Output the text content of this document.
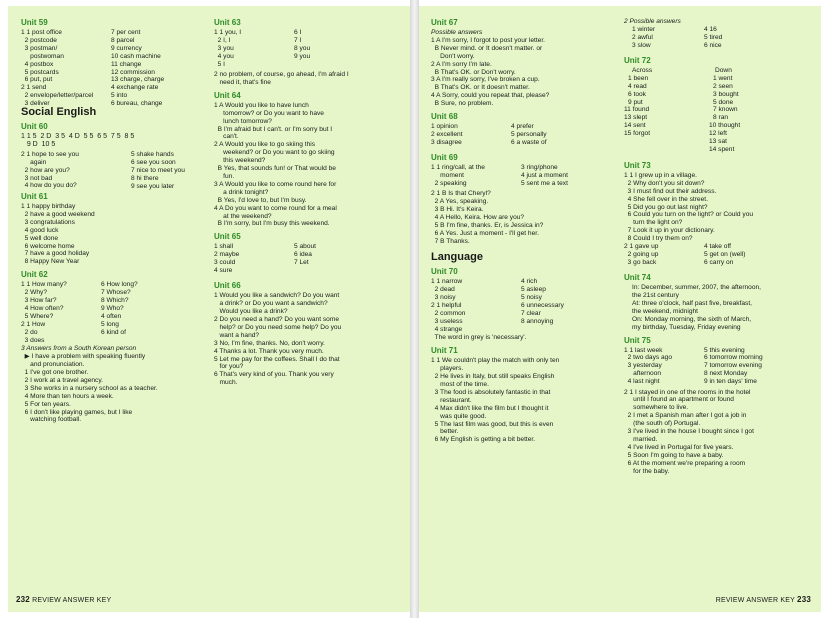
Unit 59
1 1 post office
2 postcode
3 postman/
postwoman
4 postbox
5 postcards
6 put, put
2 1 send
2 envelope/letter/parcel
3 deliver
7 per cent
8 parcel
9 currency
10 cash machine
11 change
12 commission
13 charge, charge
4 exchange rate
5 into
6 bureau, change
Social English
Unit 60
1 1 5  2 D  3 5  4 D  5 5  6 5  7 5  8 5
9 D  10 5
2 1 hope to see you
again
2 how are you?
3 not bad
4 how do you do?
5 shake hands
6 see you soon
7 nice to meet you
8 hi there
9 see you later
Unit 61
1 1 happy birthday
2 have a good weekend
3 congratulations
4 good luck
5 well done
6 welcome home
7 have a good holiday
8 Happy New Year
Unit 62
1 1 How many?
2 Why?
3 How far?
4 How often?
5 Where?
2 1 How
2 do
3 does
6 How long?
7 Whose?
8 Which?
9 Who?
4 often
5 long
6 kind of
3 Answers from a South Korean person
▶ I have a problem with speaking fluently
and pronunciation.
1 I've got one brother.
2 I work at a travel agency.
3 She works in a nursery school as a teacher.
4 More than ten hours a week.
5 For ten years.
6 I don't like playing games, but I like
watching football.
Unit 63
1 1 you, I
2 I, I
3 you
4 you
5 I
6 I
7 I
8 you
9 you
2 no problem, of course, go ahead, I'm afraid I
need it, that's fine
Unit 64
1 A Would you like to have lunch
tomorrow? or Do you want to have
lunch tomorrow?
B I'm afraid but I can't. or I'm sorry but I
can't.
2 A Would you like to go skiing this
weekend? or Do you want to go skiing
this weekend?
B Yes, that sounds fun! or That would be
fun.
3 A Would you like to come round here for
a drink tonight?
B Yes, I'd love to, but I'm busy.
4 A Do you want to come round for a meal
at the weekend?
B I'm sorry, but I'm busy this weekend.
Unit 65
1 shall
2 maybe
3 could
4 sure
5 about
6 idea
7 Let
Unit 66
1 Would you like a sandwich? Do you want
a drink? or Do you want a sandwich?
Would you like a drink?
2 Do you need a hand? Do you want some
help? or Do you need some help? Do you
want a hand?
3 No, I'm fine, thanks. No, don't worry.
4 Thanks a lot. Thank you very much.
5 Let me pay for the coffees. Shall I do that
for you?
6 That's very kind of you. Thank you very
much.
232 REVIEW ANSWER KEY
Unit 67
Possible answers
1 A I'm sorry, I forgot to post your letter.
B Never mind. or It doesn't matter. or
Don't worry.
2 A I'm sorry I'm late.
B That's OK. or Don't worry.
3 A I'm really sorry, I've broken a cup.
B That's OK. or It doesn't matter.
4 A Sorry, could you repeat that, please?
B Sure, no problem.
Unit 68
1 opinion
2 excellent
3 disagree
4 prefer
5 personally
6 a waste of
Unit 69
1 1 ring/call, at the
moment
2 speaking
3 ring/phone
4 just a moment
5 sent me a text
2 1 B Is that Cheryl?
2 A Yes, speaking.
3 B Hi. It's Keira.
4 A Hello, Keira. How are you?
5 B I'm fine, thanks. Er, is Jessica in?
6 A Yes. Just a moment - I'll get her.
7 B Thanks.
Language
Unit 70
1 1 narrow
2 dead
3 noisy
2 1 helpful
2 common
3 useless
4 strange
4 rich
5 asleep
5 noisy
6 unnecessary
7 clear
8 annoying
The word in grey is 'necessary'.
Unit 71
1 1 We couldn't play the match with only ten
players.
2 He lives in Italy, but still speaks English
most of the time.
3 The food is absolutely fantastic in that
restaurant.
4 Max didn't like the film but I thought it
was quite good.
5 The last film was good, but this is even
better.
6 My English is getting a bit better.
2 Possible answers
1 winter
2 awful
3 slow
4 16
5 tired
6 nice
Unit 72
Across
1 been
4 read
6 took
9 put
11 found
13 slept
14 sent
15 forgot
Down
1 went
2 seen
3 bought
5 done
7 known
8 ran
10 thought
12 left
13 sat
14 spent
Unit 73
1 1 I grew up in a village.
2 Why don't you sit down?
3 I must find out their address.
4 She fell over in the street.
5 Did you go out last night?
6 Could you turn on the light? or Could you
turn the light on?
7 Look it up in your dictionary.
8 Could I try them on?
2 1 gave up
2 going up
3 go back
4 take off
5 get on (well)
6 carry on
Unit 74
In: December, summer, 2007, the afternoon,
the 21st century
At: three o'clock, half past five, breakfast,
the weekend, midnight
On: Monday morning, the sixth of March,
my birthday, Tuesday, Friday evening
Unit 75
1 1 last week
2 two days ago
3 yesterday
afternoon
4 last night
5 this evening
6 tomorrow morning
7 tomorrow evening
8 next Monday
9 in ten days' time
2 1 I stayed in one of the rooms in the hotel
until I found an apartment or found
somewhere to live.
2 I met a Spanish man after I got a job in
(the south of) Portugal.
3 I've lived in the house I bought since I got
married.
4 I've lived in Portugal for five years.
5 Soon I'm going to have a baby.
6 At the moment we're preparing a room
for the baby.
REVIEW ANSWER KEY 233
